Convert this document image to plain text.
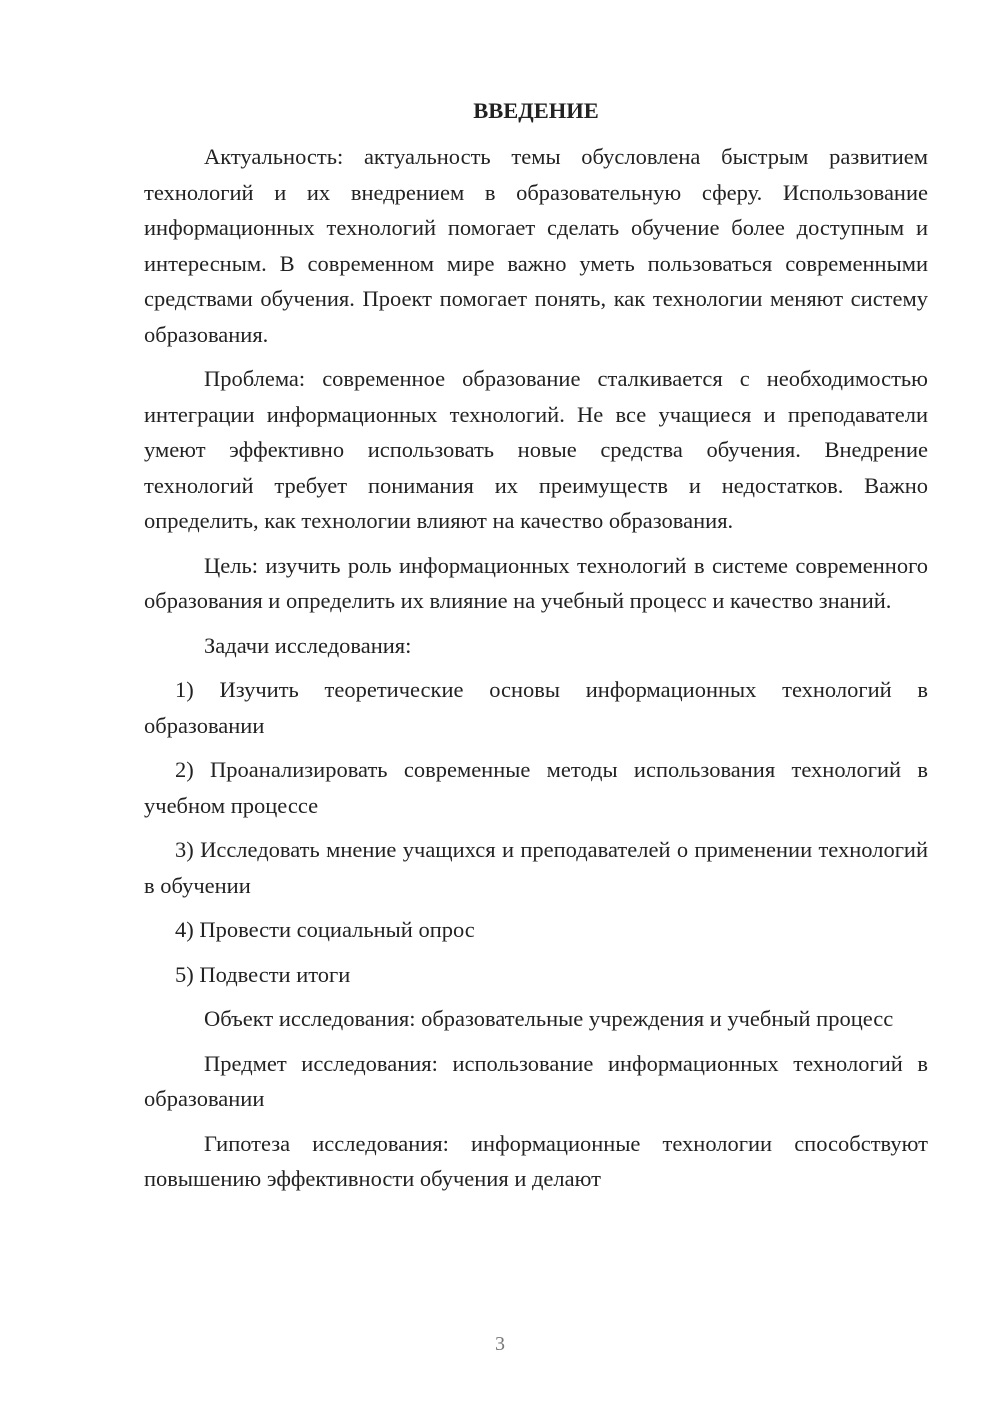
ВВЕДЕНИЕ

Актуальность: актуальность темы обусловлена быстрым развитием технологий и их внедрением в образовательную сферу. Использование информационных технологий помогает сделать обучение более доступным и интересным. В современном мире важно уметь пользоваться современными средствами обучения. Проект помогает понять, как технологии меняют систему образования.

Проблема: современное образование сталкивается с необходимостью интеграции информационных технологий. Не все учащиеся и преподаватели умеют эффективно использовать новые средства обучения. Внедрение технологий требует понимания их преимуществ и недостатков. Важно определить, как технологии влияют на качество образования.

Цель: изучить роль информационных технологий в системе современного образования и определить их влияние на учебный процесс и качество знаний.

Задачи исследования:

1) Изучить теоретические основы информационных технологий в образовании

2) Проанализировать современные методы использования технологий в учебном процессе

3) Исследовать мнение учащихся и преподавателей о применении технологий в обучении

4) Провести социальный опрос

5) Подвести итоги

Объект исследования: образовательные учреждения и учебный процесс

Предмет исследования: использование информационных технологий в образовании

Гипотеза исследования: информационные технологии способствуют повышению эффективности обучения и делают

3
